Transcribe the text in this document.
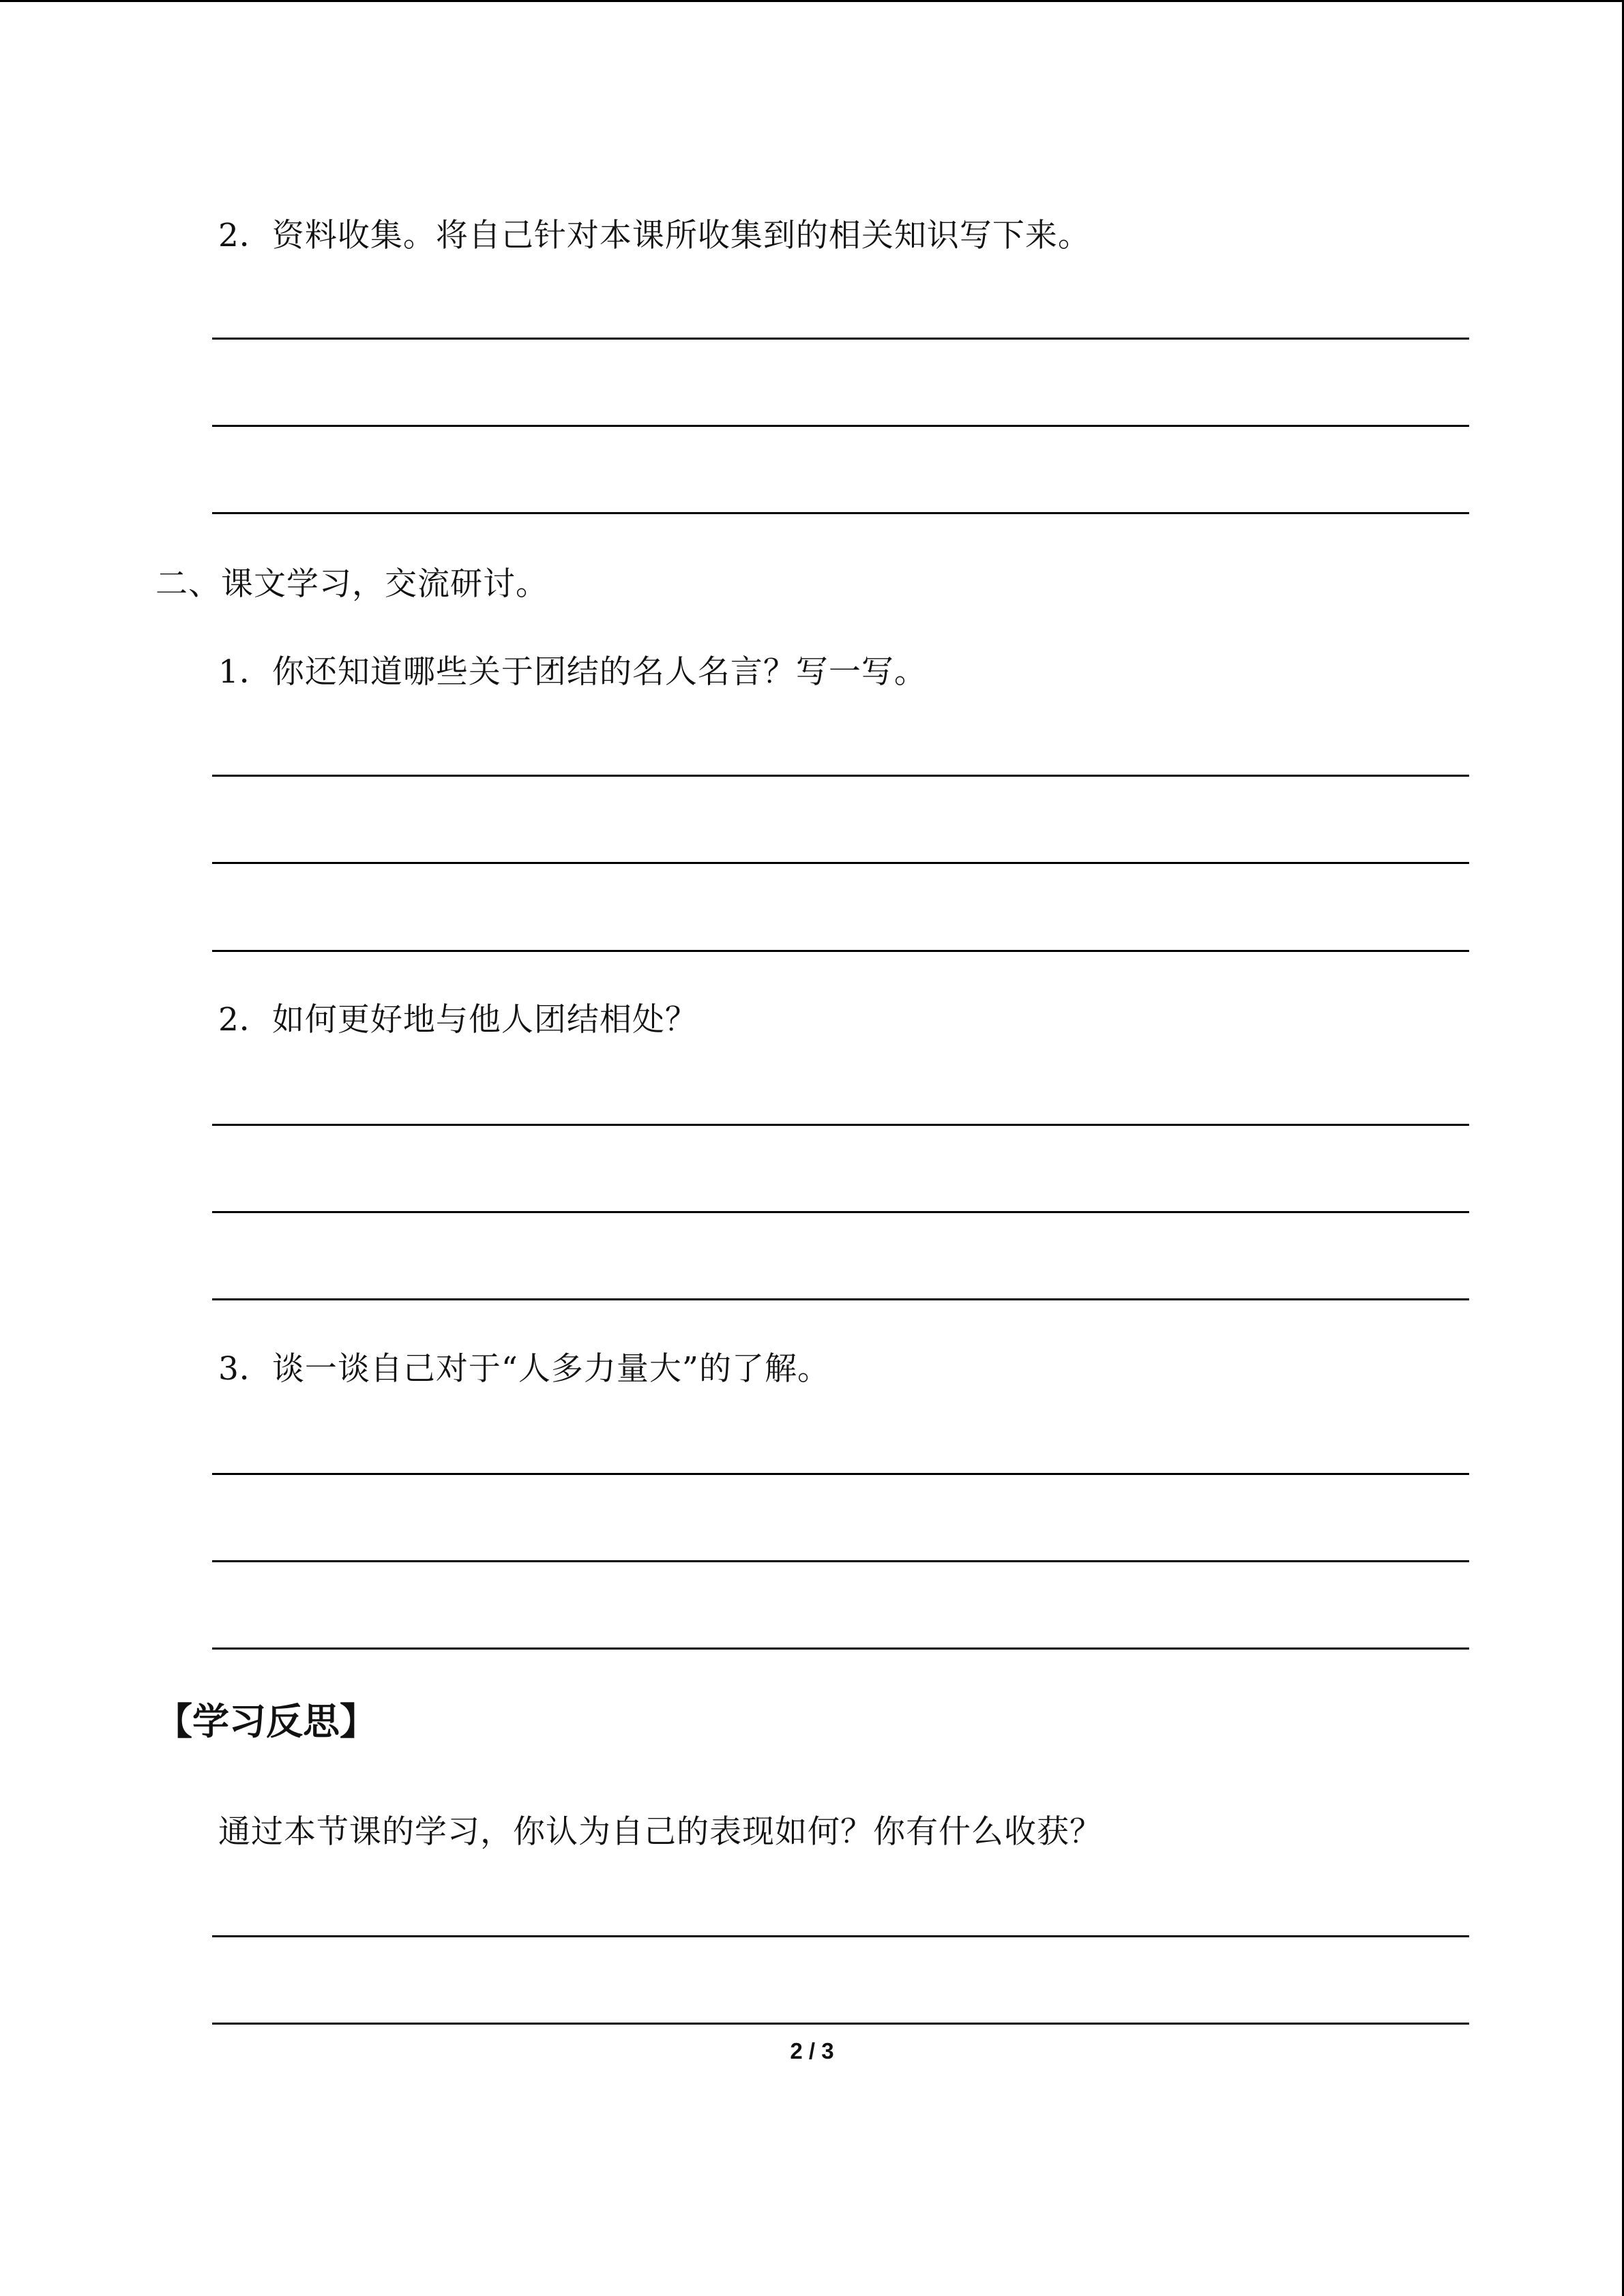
2．资料收集。将自己针对本课所收集到的相关知识写下来。
二、课文学习，交流研讨。
1．你还知道哪些关于团结的名人名言？写一写。
2．如何更好地与他人团结相处？
3．谈一谈自己对于“人多力量大”的了解。
【学习反思】
通过本节课的学习，你认为自己的表现如何？你有什么收获？
2 / 3
